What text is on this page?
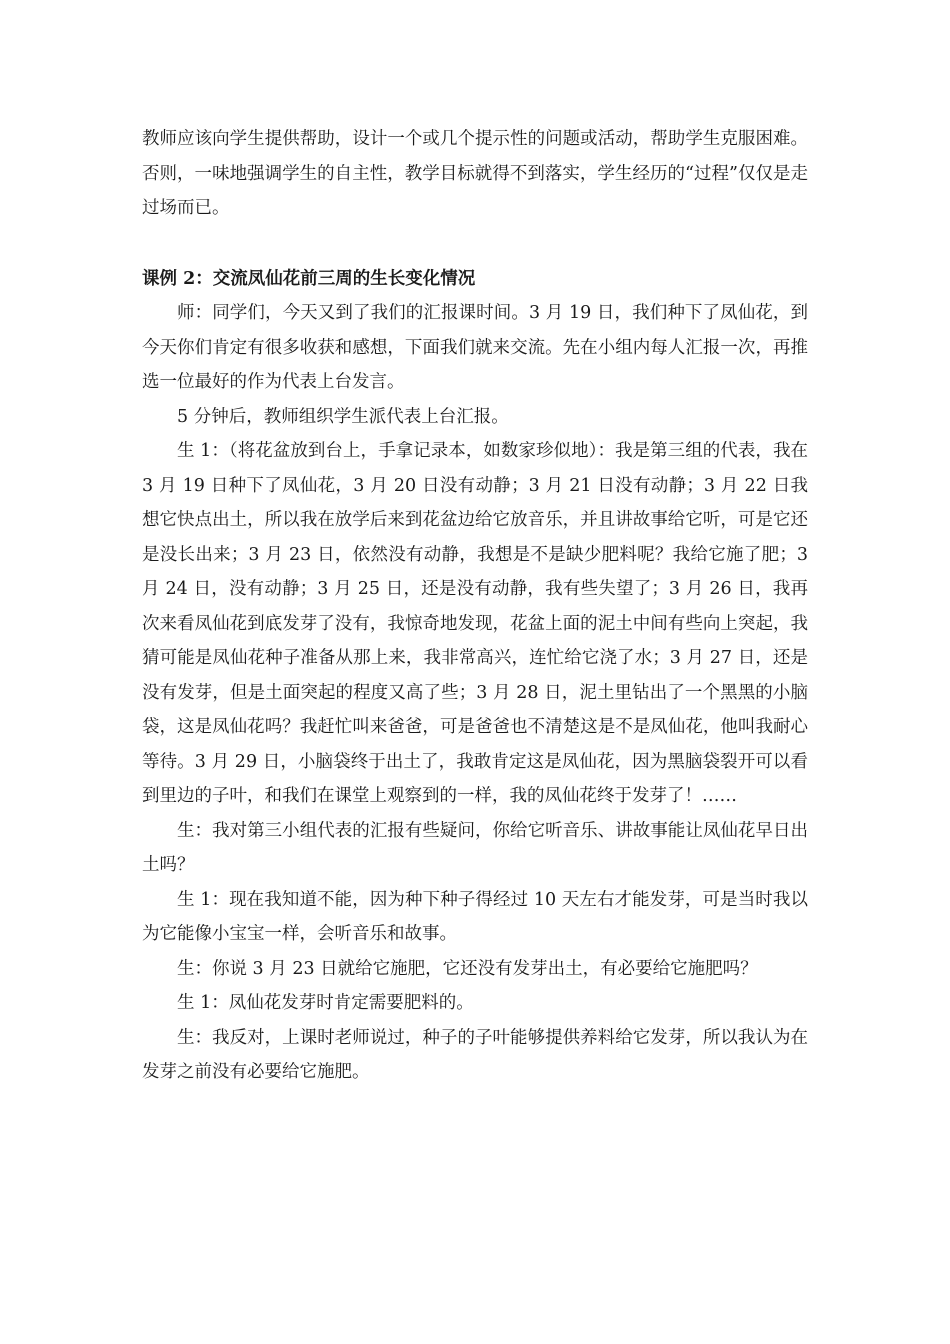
教师应该向学生提供帮助，设计一个或几个提示性的问题或活动，帮助学生克服困难。否则，一味地强调学生的自主性，教学目标就得不到落实，学生经历的“过程”仅仅是走过场而已。

课例 2：交流凤仙花前三周的生长变化情况

师：同学们，今天又到了我们的汇报课时间。3 月 19 日，我们种下了凤仙花，到今天你们肯定有很多收获和感想，下面我们就来交流。先在小组内每人汇报一次，再推选一位最好的作为代表上台发言。

5 分钟后，教师组织学生派代表上台汇报。

生 1：（将花盆放到台上，手拿记录本，如数家珍似地）：我是第三组的代表，我在 3 月 19 日种下了凤仙花，3 月 20 日没有动静；3 月 21 日没有动静；3 月 22 日我想它快点出土，所以我在放学后来到花盆边给它放音乐，并且讲故事给它听，可是它还是没长出来；3 月 23 日，依然没有动静，我想是不是缺少肥料呢？我给它施了肥；3 月 24 日，没有动静；3 月 25 日，还是没有动静，我有些失望了；3 月 26 日，我再次来看凤仙花到底发芽了没有，我惊奇地发现，花盆上面的泥土中间有些向上突起，我猜可能是凤仙花种子准备从那上来，我非常高兴，连忙给它浇了水；3 月 27 日，还是没有发芽，但是土面突起的程度又高了些；3 月 28 日，泥土里钻出了一个黑黑的小脑袋，这是凤仙花吗？我赶忙叫来爸爸，可是爸爸也不清楚这是不是凤仙花，他叫我耐心等待。3 月 29 日，小脑袋终于出土了，我敢肯定这是凤仙花，因为黑脑袋裂开可以看到里边的子叶，和我们在课堂上观察到的一样，我的凤仙花终于发芽了！……

生：我对第三小组代表的汇报有些疑问，你给它听音乐、讲故事能让凤仙花早日出土吗？

生 1：现在我知道不能，因为种下种子得经过 10 天左右才能发芽，可是当时我以为它能像小宝宝一样，会听音乐和故事。

生：你说 3 月 23 日就给它施肥，它还没有发芽出土，有必要给它施肥吗？

生 1：凤仙花发芽时肯定需要肥料的。

生：我反对，上课时老师说过，种子的子叶能够提供养料给它发芽，所以我认为在发芽之前没有必要给它施肥。
